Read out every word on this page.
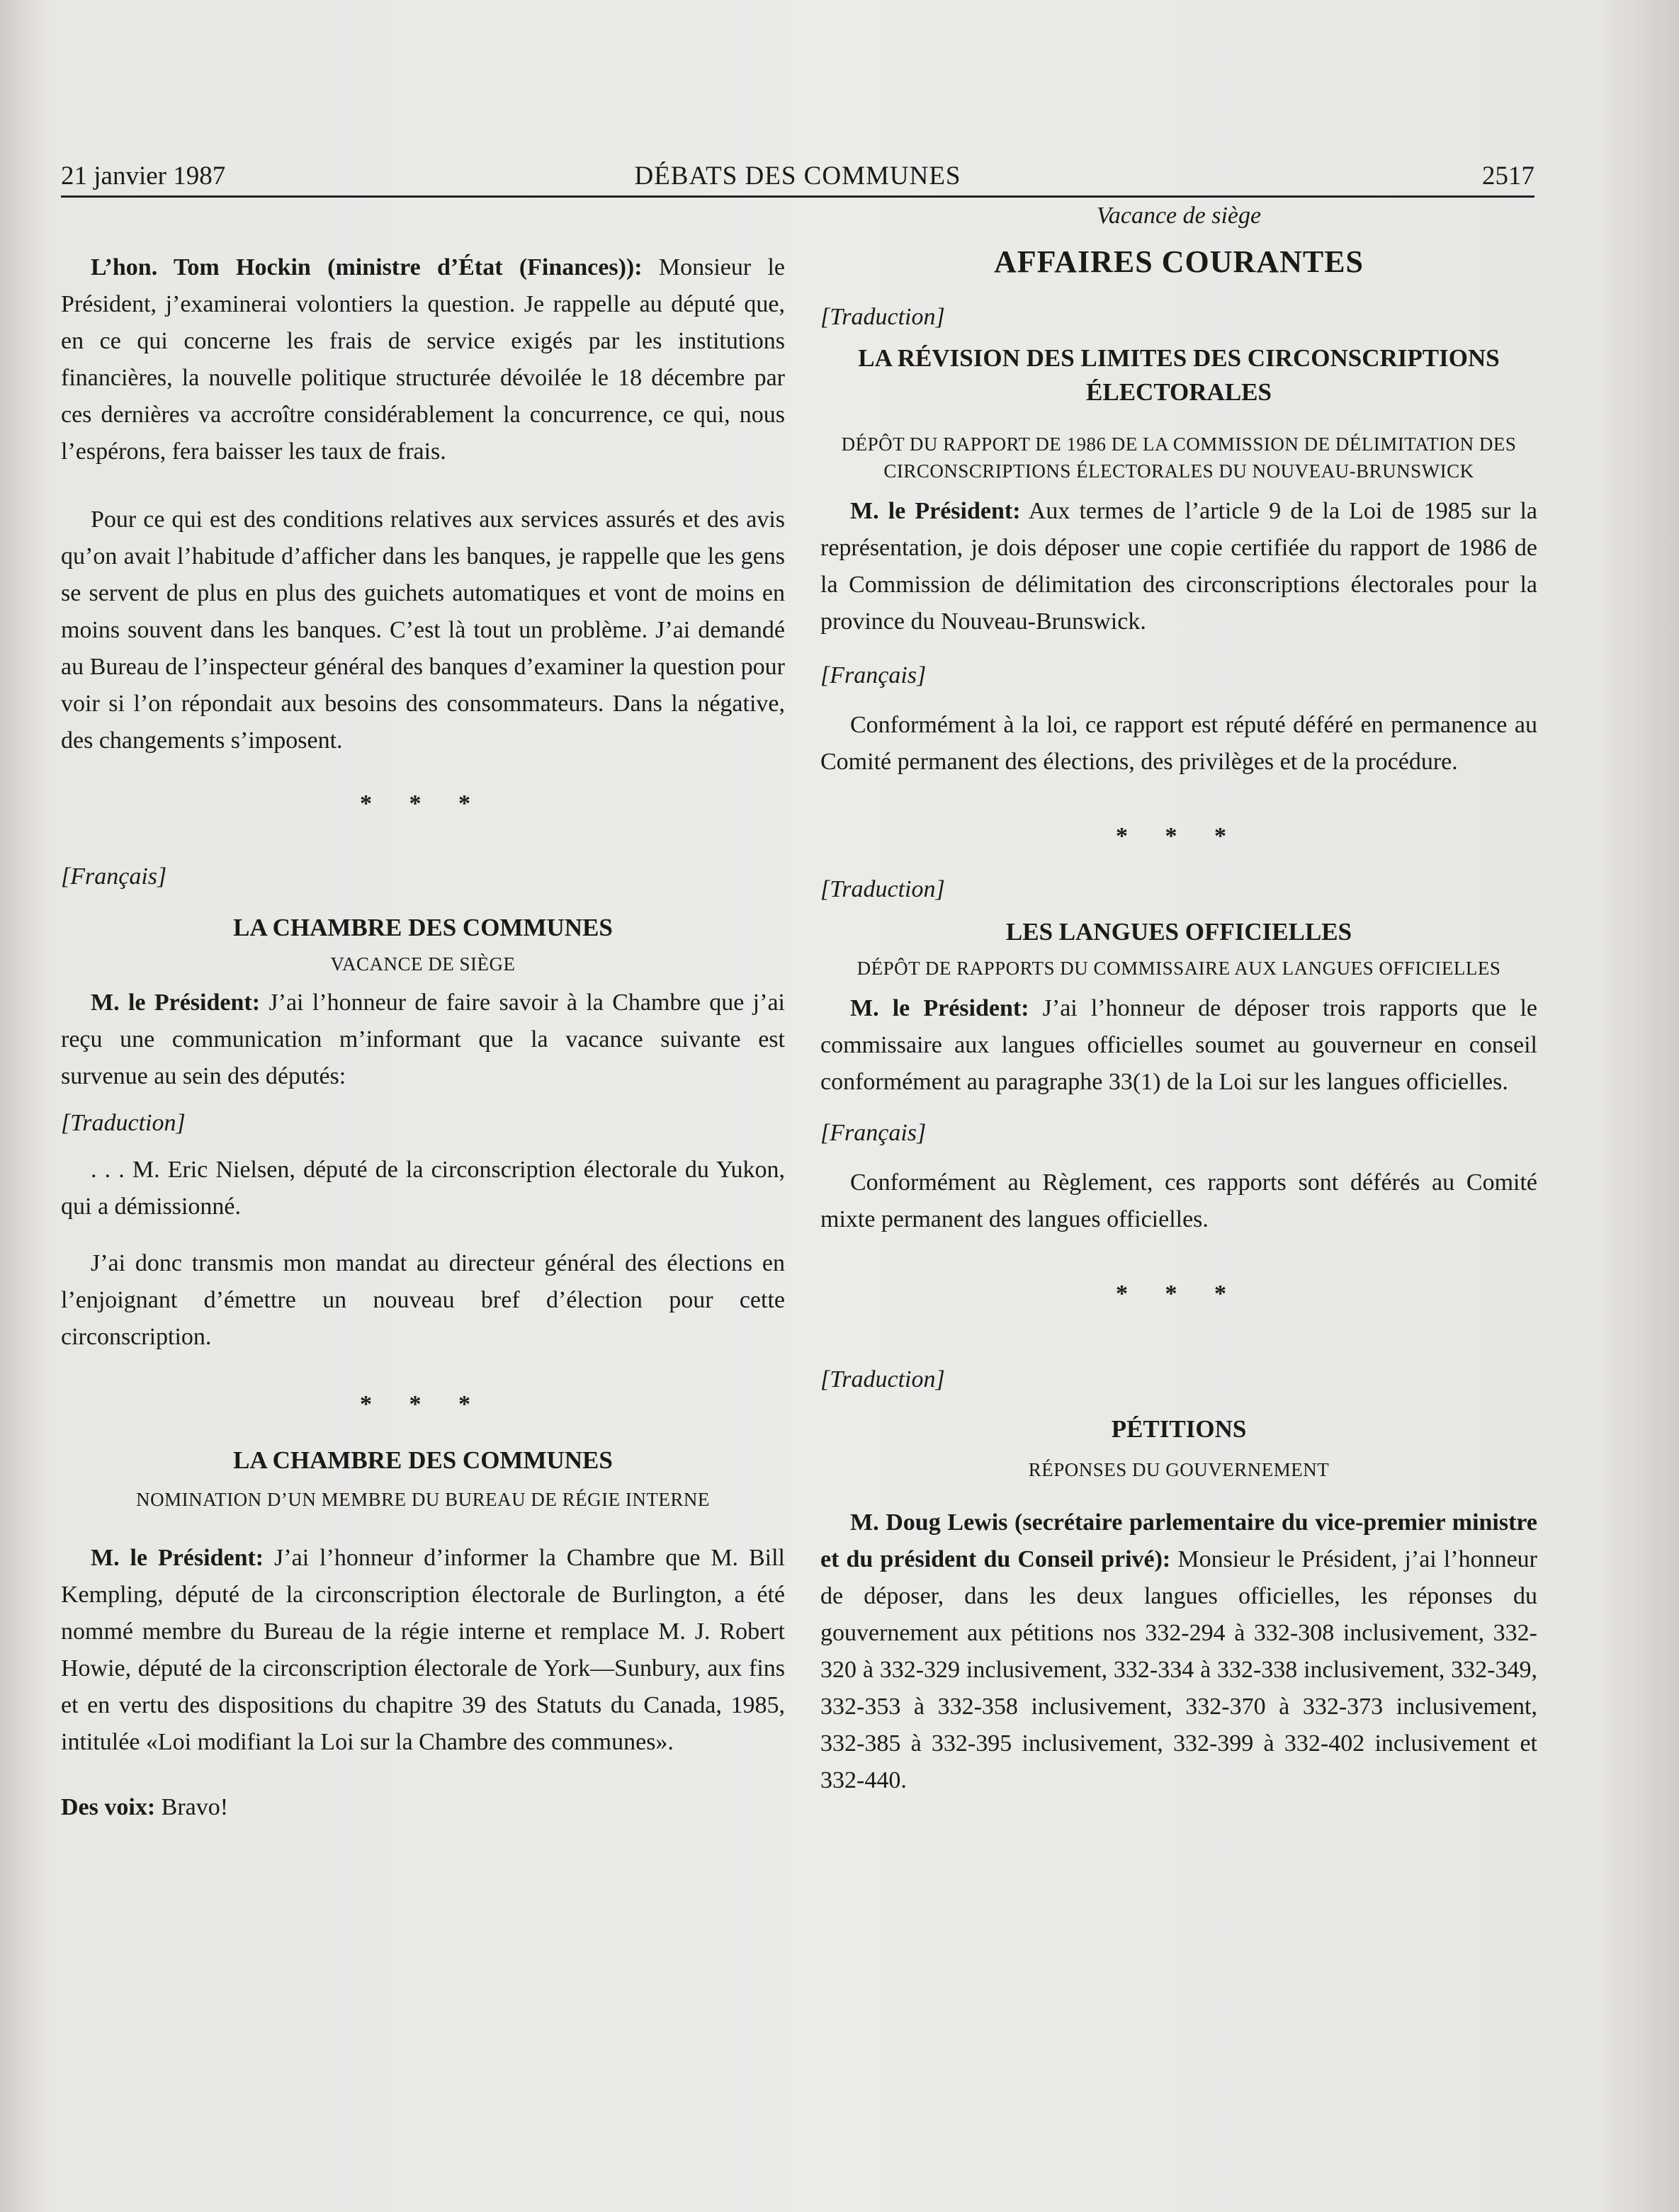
21 janvier 1987	DÉBATS DES COMMUNES	2517

L’hon. Tom Hockin (ministre d’État (Finances)): Monsieur le Président, j’examinerai volontiers la question. Je rappelle au député que, en ce qui concerne les frais de service exigés par les institutions financières, la nouvelle politique structurée dévoilée le 18 décembre par ces dernières va accroître considérablement la concurrence, ce qui, nous l’espérons, fera baisser les taux de frais.

Pour ce qui est des conditions relatives aux services assurés et des avis qu’on avait l’habitude d’afficher dans les banques, je rappelle que les gens se servent de plus en plus des guichets automatiques et vont de moins en moins souvent dans les banques. C’est là tout un problème. J’ai demandé au Bureau de l’inspecteur général des banques d’examiner la question pour voir si l’on répondait aux besoins des consommateurs. Dans la négative, des changements s’imposent.

* * *

[Français]

LA CHAMBRE DES COMMUNES

VACANCE DE SIÈGE

M. le Président: J’ai l’honneur de faire savoir à la Chambre que j’ai reçu une communication m’informant que la vacance suivante est survenue au sein des députés:

[Traduction]

. . . M. Eric Nielsen, député de la circonscription électorale du Yukon, qui a démissionné.

J’ai donc transmis mon mandat au directeur général des élections en l’enjoignant d’émettre un nouveau bref d’élection pour cette circonscription.

* * *

LA CHAMBRE DES COMMUNES

NOMINATION D’UN MEMBRE DU BUREAU DE RÉGIE INTERNE

M. le Président: J’ai l’honneur d’informer la Chambre que M. Bill Kempling, député de la circonscription électorale de Burlington, a été nommé membre du Bureau de la régie interne et remplace M. J. Robert Howie, député de la circonscription électorale de York—Sunbury, aux fins et en vertu des dispositions du chapitre 39 des Statuts du Canada, 1985, intitulée «Loi modifiant la Loi sur la Chambre des communes».

Des voix: Bravo!

Vacance de siège

AFFAIRES COURANTES

[Traduction]

LA RÉVISION DES LIMITES DES CIRCONSCRIPTIONS ÉLECTORALES

DÉPÔT DU RAPPORT DE 1986 DE LA COMMISSION DE DÉLIMITATION DES CIRCONSCRIPTIONS ÉLECTORALES DU NOUVEAU-BRUNSWICK

M. le Président: Aux termes de l’article 9 de la Loi de 1985 sur la représentation, je dois déposer une copie certifiée du rapport de 1986 de la Commission de délimitation des circonscriptions électorales pour la province du Nouveau-Brunswick.

[Français]

Conformément à la loi, ce rapport est réputé déféré en permanence au Comité permanent des élections, des privilèges et de la procédure.

* * *

[Traduction]

LES LANGUES OFFICIELLES

DÉPÔT DE RAPPORTS DU COMMISSAIRE AUX LANGUES OFFICIELLES

M. le Président: J’ai l’honneur de déposer trois rapports que le commissaire aux langues officielles soumet au gouverneur en conseil conformément au paragraphe 33(1) de la Loi sur les langues officielles.

[Français]

Conformément au Règlement, ces rapports sont déférés au Comité mixte permanent des langues officielles.

* * *

[Traduction]

PÉTITIONS

RÉPONSES DU GOUVERNEMENT

M. Doug Lewis (secrétaire parlementaire du vice-premier ministre et du président du Conseil privé): Monsieur le Président, j’ai l’honneur de déposer, dans les deux langues officielles, les réponses du gouvernement aux pétitions nos 332-294 à 332-308 inclusivement, 332-320 à 332-329 inclusivement, 332-334 à 332-338 inclusivement, 332-349, 332-353 à 332-358 inclusivement, 332-370 à 332-373 inclusivement, 332-385 à 332-395 inclusivement, 332-399 à 332-402 inclusivement et 332-440.
